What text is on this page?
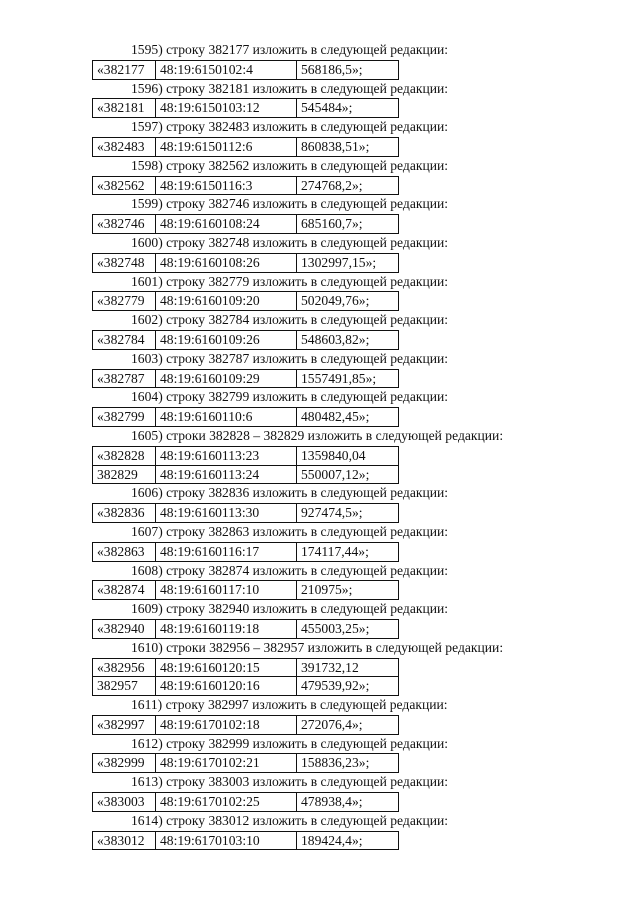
1595) строку 382177 изложить в следующей редакции:

«382177	48:19:6150102:4	568186,5»;

1596) строку 382181 изложить в следующей редакции:

«382181	48:19:6150103:12	545484»;

1597) строку 382483 изложить в следующей редакции:

«382483	48:19:6150112:6	860838,51»;

1598) строку 382562 изложить в следующей редакции:

«382562	48:19:6150116:3	274768,2»;

1599) строку 382746 изложить в следующей редакции:

«382746	48:19:6160108:24	685160,7»;

1600) строку 382748 изложить в следующей редакции:

«382748	48:19:6160108:26	1302997,15»;

1601) строку 382779 изложить в следующей редакции:

«382779	48:19:6160109:20	502049,76»;

1602) строку 382784 изложить в следующей редакции:

«382784	48:19:6160109:26	548603,82»;

1603) строку 382787 изложить в следующей редакции:

«382787	48:19:6160109:29	1557491,85»;

1604) строку 382799 изложить в следующей редакции:

«382799	48:19:6160110:6	480482,45»;

1605) строки 382828 – 382829 изложить в следующей редакции:

«382828	48:19:6160113:23	1359840,04
382829	48:19:6160113:24	550007,12»;

1606) строку 382836 изложить в следующей редакции:

«382836	48:19:6160113:30	927474,5»;

1607) строку 382863 изложить в следующей редакции:

«382863	48:19:6160116:17	174117,44»;

1608) строку 382874 изложить в следующей редакции:

«382874	48:19:6160117:10	210975»;

1609) строку 382940 изложить в следующей редакции:

«382940	48:19:6160119:18	455003,25»;

1610) строки 382956 – 382957 изложить в следующей редакции:

«382956	48:19:6160120:15	391732,12
382957	48:19:6160120:16	479539,92»;

1611) строку 382997 изложить в следующей редакции:

«382997	48:19:6170102:18	272076,4»;

1612) строку 382999 изложить в следующей редакции:

«382999	48:19:6170102:21	158836,23»;

1613) строку 383003 изложить в следующей редакции:

«383003	48:19:6170102:25	478938,4»;

1614) строку 383012 изложить в следующей редакции:

«383012	48:19:6170103:10	189424,4»;
